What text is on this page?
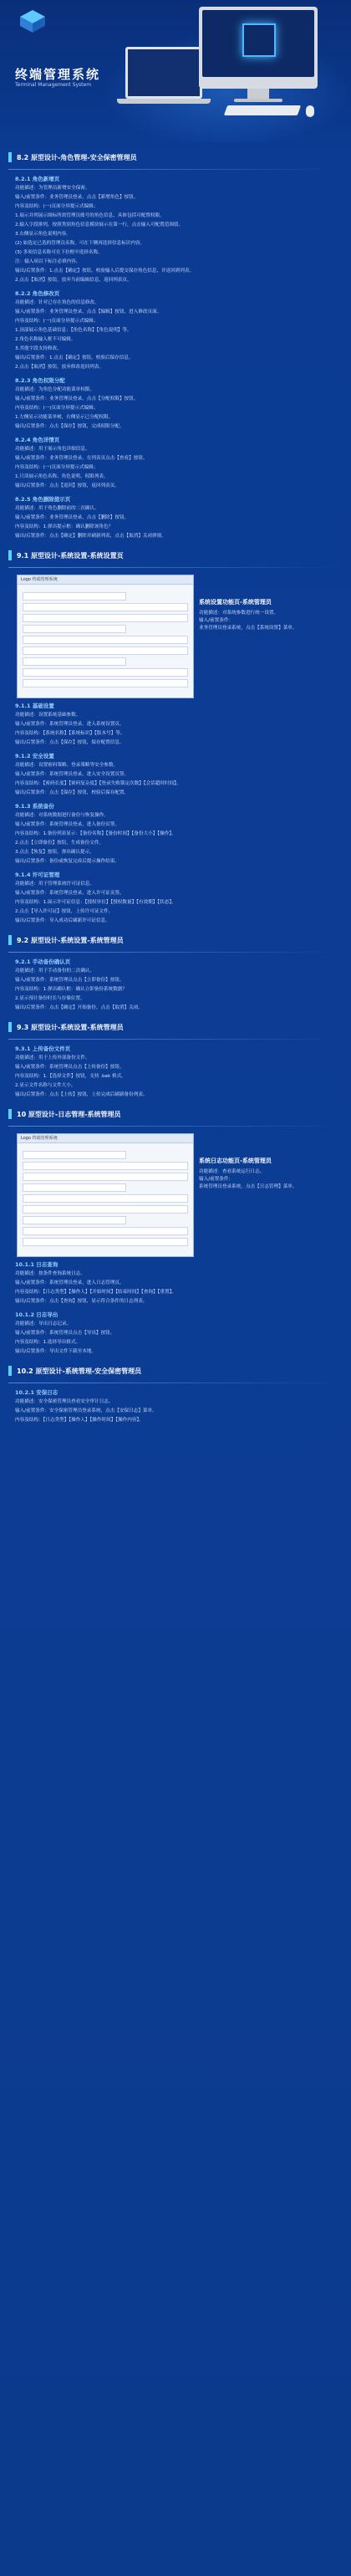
终端管理系统
Terminal Management System
8.2 原型设计-角色管理-安全保密管理员
8.2.1 角色新增页
功能描述：为管理员新增安全保密。
输入/前置条件：业务管理员登录，点击【新增角色】按钮。
内容及结构：(一)页面分屏提示式编辑；
1.展示并列展示图标所需管理员账号的角色信息，具体包括可配置权限。
2.输入字段排列，按照类别角色信息模块展示在第一行，点击输入可配置范围值。
3.右侧显示角色说明内容。
(2) 如选定已选的管理员名称，可在下侧再选择信息标识内容。
(3) 多项信息名称可在下拉框中选择名称。
注：输入项以下标注必填内容。
输出/后置条件：1.点击【确定】按钮，校验输入后提交保存角色信息，并返回到列表。
2.点击【取消】按钮，放弃当前编辑信息，返回列表页。
8.2.2 角色修改页
功能描述：针对已存在角色的信息修改。
输入/前置条件：业务管理员登录，点击【编辑】按钮，进入修改页面。
内容及结构：(一)页面分屏提示式编辑；
1.顶部展示角色基础信息：【角色名称】【角色说明】等。
2.角色名称输入框不可编辑。
3.其他字段支持修改。
输出/后置条件：1.点击【确定】按钮，校验后保存信息。
2.点击【取消】按钮，放弃修改返回列表。
8.2.3 角色权限分配
功能描述：为角色分配功能菜单权限。
输入/前置条件：业务管理员登录，点击【分配权限】按钮。
内容及结构：(一)页面分屏提示式编辑；
1.左侧显示功能菜单树，右侧显示已分配权限。
输出/后置条件：点击【保存】按钮，完成权限分配。
8.2.4 角色详情页
功能描述：用于展示角色详细信息。
输入/前置条件：业务管理员登录，在列表页点击【查看】按钮。
内容及结构：(一)页面分屏提示式编辑；
1.只读展示角色名称、角色说明、权限列表。
输出/后置条件：点击【返回】按钮，返回列表页。
8.2.5 角色删除提示页
功能描述：用于角色删除前的二次确认。
输入/前置条件：业务管理员登录，点击【删除】按钮。
内容及结构：1.弹出提示框：确认删除该角色？
输出/后置条件：点击【确定】删除并刷新列表，点击【取消】关闭弹窗。
9.1 原型设计-系统设置-系统设置页
Logo 终端管理系统
系统设置功能页-系统管理员
功能描述：对系统参数进行统一设置。
输入/前置条件：
业务管理员登录系统，点击【系统设置】菜单。
9.1.1 基础设置
功能描述：设置系统基础参数。
输入/前置条件：系统管理员登录，进入系统设置页。
内容及结构：【系统名称】【系统标识】【版本号】等。
输出/后置条件：点击【保存】按钮，保存配置信息。
9.1.2 安全设置
功能描述：设置密码策略、登录策略等安全参数。
输入/前置条件：系统管理员登录，进入安全设置页签。
内容及结构：【密码长度】【密码复杂度】【登录失败锁定次数】【会话超时时间】。
输出/后置条件：点击【保存】按钮，校验后保存配置。
9.1.3 系统备份
功能描述：对系统数据进行备份与恢复操作。
输入/前置条件：系统管理员登录，进入备份页签。
内容及结构：1.备份列表显示：【备份名称】【备份时间】【备份大小】【操作】。
2.点击【立即备份】按钮，生成备份文件。
3.点击【恢复】按钮，弹出确认提示。
输出/后置条件：备份或恢复完成后提示操作结果。
9.1.4 许可证管理
功能描述：用于管理系统许可证信息。
输入/前置条件：系统管理员登录，进入许可证页签。
内容及结构：1.展示许可证信息：【授权单位】【授权数量】【有效期】【状态】。
2.点击【导入许可证】按钮，上传许可证文件。
输出/后置条件：导入成功后刷新许可证信息。
9.2 原型设计-系统设置-系统管理员
9.2.1 手动备份确认页
功能描述：用于手动备份的二次确认。
输入/前置条件：系统管理员点击【立即备份】按钮。
内容及结构：1.弹出确认框：确认立即备份系统数据？
2.显示预计备份时长与存储位置。
输出/后置条件：点击【确定】开始备份，点击【取消】关闭。
9.3 原型设计-系统设置-系统管理员
9.3.1 上传备份文件页
功能描述：用于上传外部备份文件。
输入/前置条件：系统管理员点击【上传备份】按钮。
内容及结构：1.【选择文件】按钮，支持 .bak 格式。
2.显示文件名称与文件大小。
输出/后置条件：点击【上传】按钮，上传完成后刷新备份列表。
10 原型设计-日志管理-系统管理员
Logo 终端管理系统
系统日志功能页-系统管理员
功能描述：查看系统运行日志。
输入/前置条件：
系统管理员登录系统，点击【日志管理】菜单。
10.1.1 日志查询
功能描述：按条件查询系统日志。
输入/前置条件：系统管理员登录，进入日志管理页。
内容及结构：【日志类型】【操作人】【开始时间】【结束时间】【查询】【重置】。
输出/后置条件：点击【查询】按钮，显示符合条件的日志列表。
10.1.2 日志导出
功能描述：导出日志记录。
输入/前置条件：系统管理员点击【导出】按钮。
内容及结构：1.选择导出格式。
输出/后置条件：导出文件下载至本地。
10.2 原型设计-系统管理-安全保密管理员
10.2.1 安保日志
功能描述：安全保密管理员查看安全审计日志。
输入/前置条件：安全保密管理员登录系统，点击【安保日志】菜单。
内容及结构：【日志类型】【操作人】【操作时间】【操作内容】。
